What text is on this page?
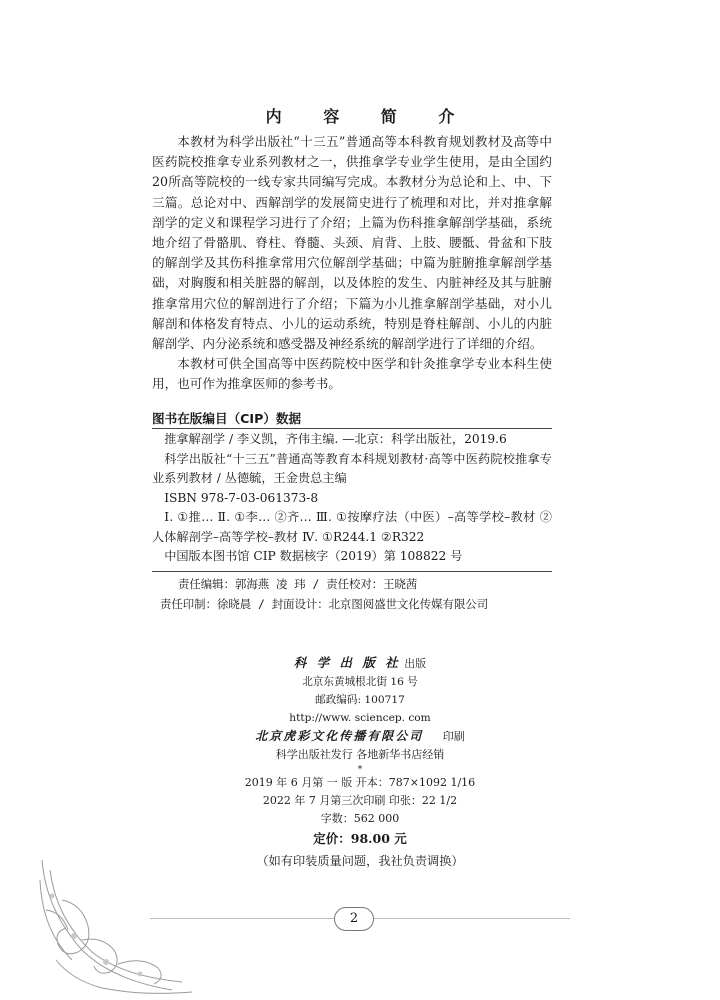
内 容 简 介

本教材为科学出版社“十三五”普通高等本科教育规划教材及高等中医药院校推拿专业系列教材之一，供推拿学专业学生使用，是由全国约20所高等院校的一线专家共同编写完成。本教材分为总论和上、中、下三篇。总论对中、西解剖学的发展简史进行了梳理和对比，并对推拿解剖学的定义和课程学习进行了介绍；上篇为伤科推拿解剖学基础，系统地介绍了骨骼肌、脊柱、脊髓、头颈、肩背、上肢、腰骶、骨盆和下肢的解剖学及其伤科推拿常用穴位解剖学基础；中篇为脏腑推拿解剖学基础，对胸腹和相关脏器的解剖，以及体腔的发生、内脏神经及其与脏腑推拿常用穴位的解剖进行了介绍；下篇为小儿推拿解剖学基础，对小儿解剖和体格发育特点、小儿的运动系统，特别是脊柱解剖、小儿的内脏解剖学、内分泌系统和感受器及神经系统的解剖学进行了详细的介绍。

本教材可供全国高等中医药院校中医学和针灸推拿学专业本科生使用，也可作为推拿医师的参考书。

图书在版编目（CIP）数据

推拿解剖学 / 李义凯，齐伟主编. —北京：科学出版社，2019.6

科学出版社“十三五”普通高等教育本科规划教材·高等中医药院校推拿专业系列教材 / 丛德毓，王金贵总主编

ISBN 978-7-03-061373-8

Ⅰ. ①推… Ⅱ. ①李… ②齐… Ⅲ. ①按摩疗法（中医）–高等学校–教材 ②人体解剖学–高等学校–教材 Ⅳ. ①R244.1 ②R322

中国版本图书馆 CIP 数据核字（2019）第 108822 号

责任编辑：郭海燕 凌 玮 / 责任校对：王晓茜
责任印制：徐晓晨 / 封面设计：北京图阅盛世文化传媒有限公司
科 学 出 版 社 出版
北京东黄城根北街 16 号
邮政编码: 100717
http://www. sciencep. com
北京虎彩文化传播有限公司 印刷
科学出版社发行 各地新华书店经销
*
2019 年 6 月第 一 版 开本：787×1092 1/16
2022 年 7 月第三次印刷 印张：22 1/2
字数：562 000
定价：98.00 元
（如有印装质量问题，我社负责调换）
2
